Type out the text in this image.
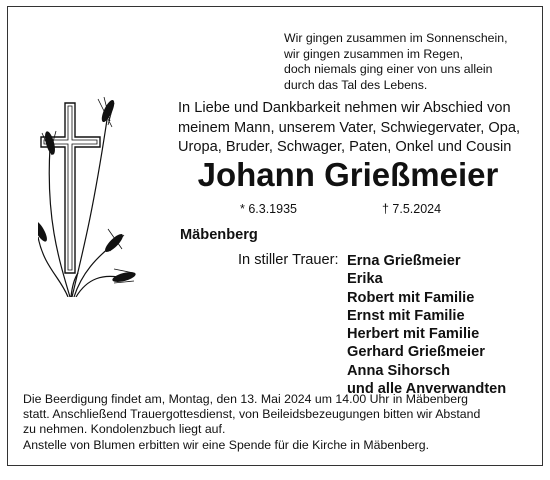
Wir gingen zusammen im Sonnenschein,
wir gingen zusammen im Regen,
doch niemals ging einer von uns allein
durch das Tal des Lebens.
In Liebe und Dankbarkeit nehmen wir Abschied von
meinem Mann, unserem Vater, Schwiegervater, Opa,
Uropa, Bruder, Schwager, Paten, Onkel und Cousin
Johann Grießmeier
* 6.3.1935	† 7.5.2024
Mäbenberg
In stiller Trauer: Erna Grießmeier
Erika
Robert mit Familie
Ernst mit Familie
Herbert mit Familie
Gerhard Grießmeier
Anna Sihorsch
und alle Anverwandten
Die Beerdigung findet am, Montag, den 13. Mai 2024 um 14.00 Uhr in Mäbenberg
statt. Anschließend Trauergottesdienst, von Beileidsbezeugungen bitten wir Abstand
zu nehmen. Kondolenzbuch liegt auf.
Anstelle von Blumen erbitten wir eine Spende für die Kirche in Mäbenberg.
